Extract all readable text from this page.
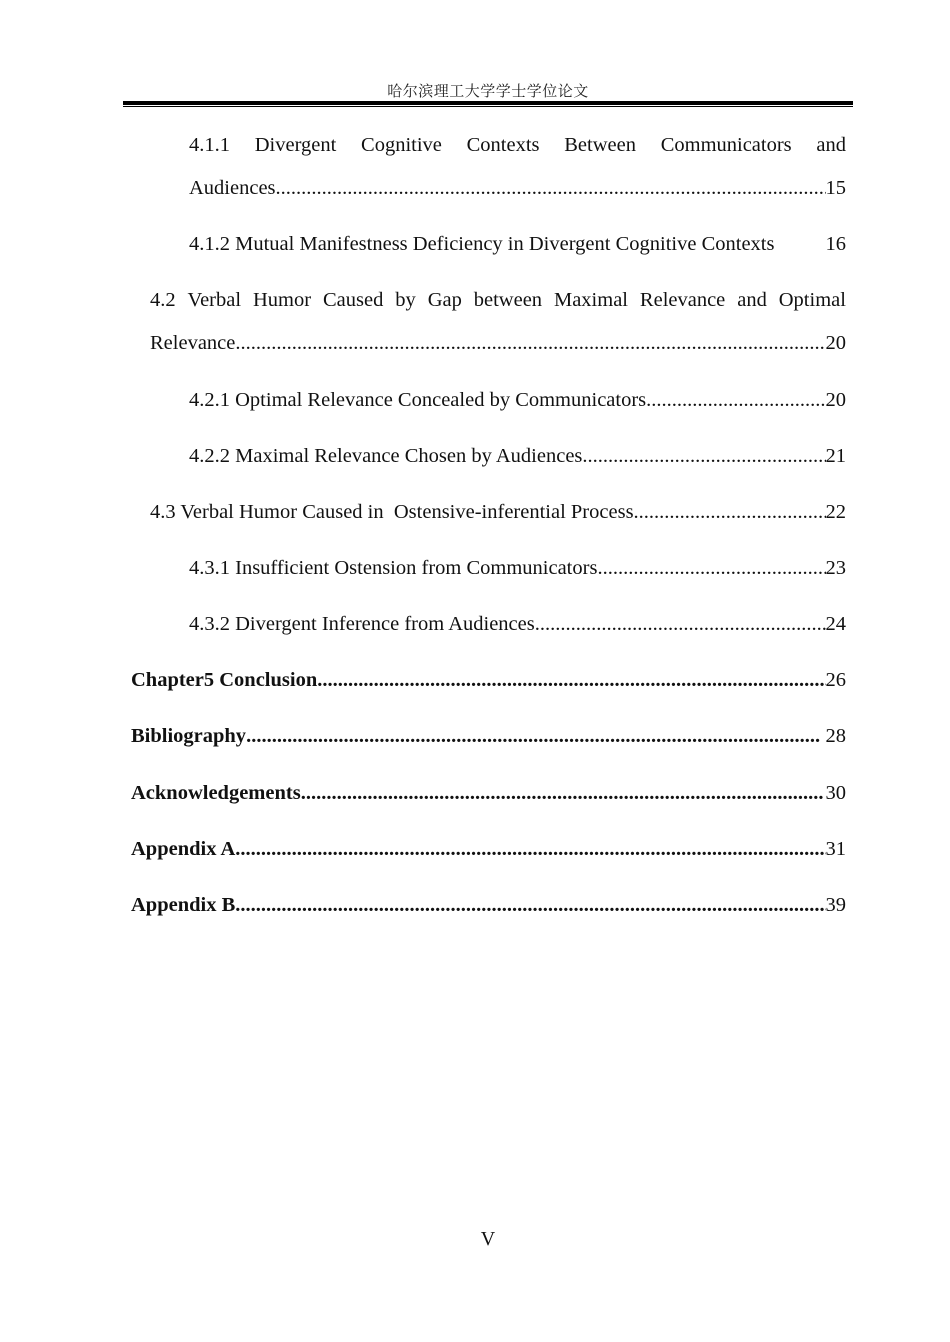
哈尔滨理工大学学士学位论文
4.1.1 Divergent Cognitive Contexts Between Communicators and
Audiences .....	15
4.1.2 Mutual Manifestness Deficiency in Divergent Cognitive Contexts 16
4.2 Verbal Humor Caused by Gap between Maximal Relevance and Optimal
Relevance .....	20
4.2.1 Optimal Relevance Concealed by Communicators .....	20
4.2.2 Maximal Relevance Chosen by Audiences .....	21
4.3 Verbal Humor Caused in  Ostensive-inferential Process .....	22
4.3.1 Insufficient Ostension from Communicators .....	23
4.3.2 Divergent Inference from Audiences .....	24
Chapter5 Conclusion .....	26
Bibliography .....	28
Acknowledgements .....	30
Appendix A .....	31
Appendix B .....	39
V
